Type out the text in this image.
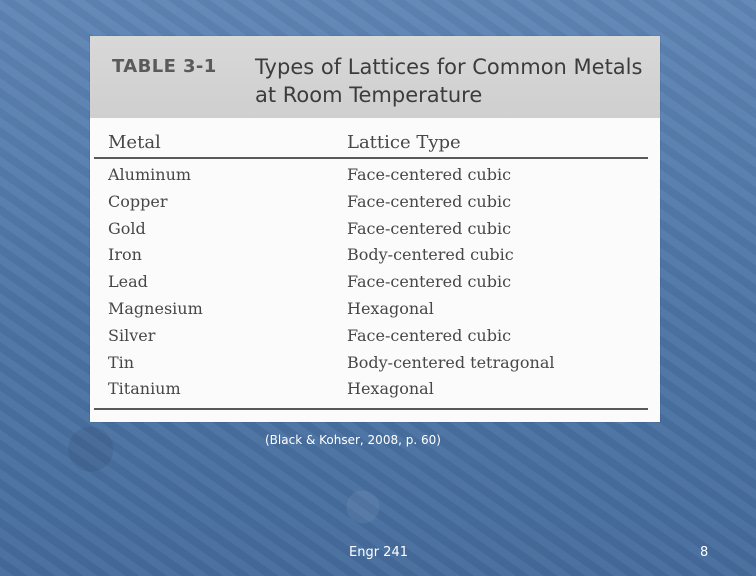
TABLE 3-1 Types of Lattices for Common Metals at Room Temperature
Metal	Lattice Type
Aluminum	Face-centered cubic
Copper	Face-centered cubic
Gold	Face-centered cubic
Iron	Body-centered cubic
Lead	Face-centered cubic
Magnesium	Hexagonal
Silver	Face-centered cubic
Tin	Body-centered tetragonal
Titanium	Hexagonal
(Black & Kohser, 2008, p. 60)
Engr 241	8
